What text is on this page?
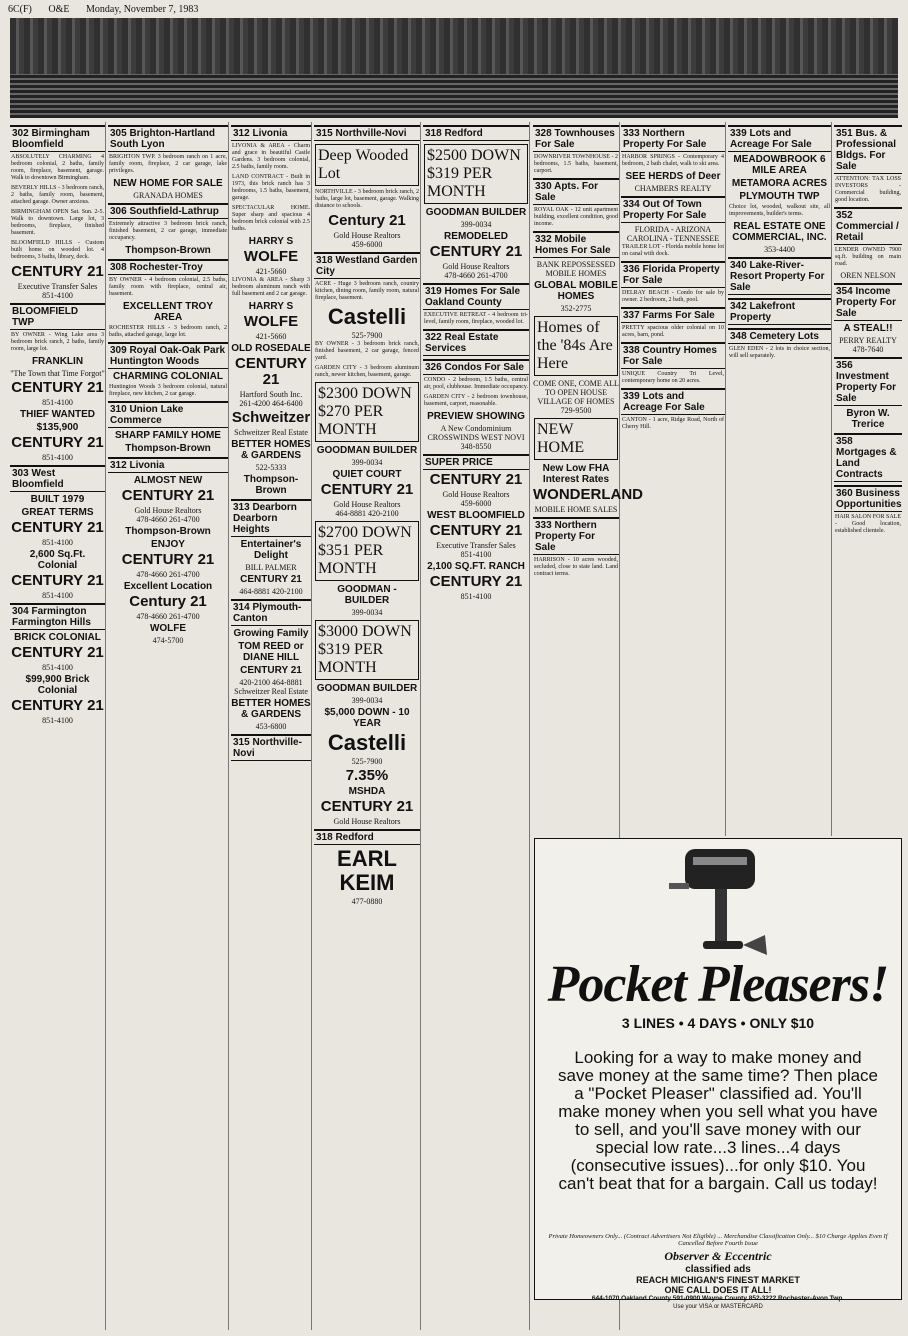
6C(F) O&E Monday, November 7, 1983
302 Birmingham Bloomfield
ABSOLUTELY CHARMING 4 bedroom colonial, 2 baths, family room, fireplace, basement, garage. Walk to downtown Birmingham.
BEVERLY HILLS - 3 bedroom ranch, 2 baths, family room, basement, attached garage. Owner anxious.
BIRMINGHAM OPEN Sat. Sun. 2-5. Walk to downtown. Large lot, 3 bedrooms, fireplace, finished basement.
BLOOMFIELD HILLS - Custom built home on wooded lot. 4 bedrooms, 3 baths, library, deck.
CENTURY 21
Executive Transfer Sales
851-4100
BLOOMFIELD TWP
BY OWNER - Wing Lake area 3 bedroom brick ranch, 2 baths, family room, large lot.
FRANKLIN
"The Town that Time Forgot"
CENTURY 21
851-4100
THIEF WANTED
$135,900
CENTURY 21
851-4100
303 West Bloomfield
BUILT 1979
GREAT TERMS
CENTURY 21
851-4100
2,600 Sq.Ft. Colonial
CENTURY 21
851-4100
304 Farmington Farmington Hills
BRICK COLONIAL
CENTURY 21
851-4100
$99,900 Brick Colonial
CENTURY 21
851-4100
305 Brighton-Hartland South Lyon
BRIGHTON TWP. 3 bedroom ranch on 1 acre, family room, fireplace, 2 car garage, lake privileges.
NEW HOME FOR SALE
GRANADA HOMES
306 Southfield-Lathrup
Extremely attractive 3 bedroom brick ranch, finished basement, 2 car garage, immediate occupancy.
Thompson-Brown
308 Rochester-Troy
BY OWNER - 4 bedroom colonial, 2.5 baths, family room with fireplace, central air, basement.
EXCELLENT TROY AREA
ROCHESTER HILLS - 3 bedroom ranch, 2 baths, attached garage, large lot.
309 Royal Oak-Oak Park Huntington Woods
CHARMING COLONIAL
Huntington Woods 3 bedroom colonial, natural fireplace, new kitchen, 2 car garage.
310 Union Lake Commerce
SHARP FAMILY HOME
Thompson-Brown
312 Livonia
ALMOST NEW
CENTURY 21
Gold House Realtors
478-4660 261-4700
Thompson-Brown
ENJOY
CENTURY 21
478-4660 261-4700
Excellent Location
Century 21
478-4660 261-4700
WOLFE
474-5700
312 Livonia
LIVONIA & AREA - Charm and grace in beautiful Castle Gardens. 3 bedroom colonial, 2.5 baths, family room.
LAND CONTRACT - Built in 1973, this brick ranch has 3 bedrooms, 1.5 baths, basement, garage.
SPECTACULAR HOME. Super sharp and spacious 4 bedroom brick colonial with 2.5 baths.
HARRY S
WOLFE
421-5660
LIVONIA & AREA - Sharp 3 bedroom aluminum ranch with full basement and 2 car garage.
HARRY S
WOLFE
421-5660
OLD ROSEDALE
CENTURY 21
Hartford South Inc.
261-4200 464-6400
Schweitzer
Schweitzer Real Estate
BETTER HOMES & GARDENS
522-5333
Thompson-Brown
313 Dearborn Dearborn Heights
Entertainer's Delight
BILL PALMER
CENTURY 21
464-8881 420-2100
314 Plymouth-Canton
Growing Family
TOM REED or DIANE HILL
CENTURY 21
420-2100 464-8881
Schweitzer Real Estate
BETTER HOMES & GARDENS
453-6800
315 Northville-Novi
315 Northville-Novi
Deep Wooded Lot
NORTHVILLE - 3 bedroom brick ranch, 2 baths, large lot, basement, garage. Walking distance to schools.
Century 21
Gold House Realtors
459-6000
318 Westland Garden City
ACRE - Huge 3 bedroom ranch, country kitchen, dining room, family room, natural fireplace, basement.
Castelli
525-7900
BY OWNER - 3 bedroom brick ranch, finished basement, 2 car garage, fenced yard.
GARDEN CITY - 3 bedroom aluminum ranch, newer kitchen, basement, garage.
$2300 DOWN $270 PER MONTH
GOODMAN BUILDER
399-0034
QUIET COURT
CENTURY 21
Gold House Realtors
464-8881 420-2100
$2700 DOWN $351 PER MONTH
GOODMAN - BUILDER
399-0034
$3000 DOWN $319 PER MONTH
GOODMAN BUILDER
399-0034
$5,000 DOWN - 10 YEAR
Castelli
525-7900
7.35%
MSHDA
CENTURY 21
Gold House Realtors
318 Redford
EARL KEIM
477-0880
318 Redford
$2500 DOWN $319 PER MONTH
GOODMAN BUILDER
399-0034
REMODELED
CENTURY 21
Gold House Realtors
478-4660 261-4700
319 Homes For Sale Oakland County
EXECUTIVE RETREAT - 4 bedroom tri-level, family room, fireplace, wooded lot.
322 Real Estate Services
326 Condos For Sale
CONDO - 2 bedroom, 1.5 baths, central air, pool, clubhouse. Immediate occupancy.
GARDEN CITY - 2 bedroom townhouse, basement, carport, reasonable.
PREVIEW SHOWING
A New Condominium CROSSWINDS WEST NOVI
348-8550
SUPER PRICE
CENTURY 21
Gold House Realtors
459-6000
WEST BLOOMFIELD
CENTURY 21
Executive Transfer Sales
851-4100
2,100 SQ.FT. RANCH
CENTURY 21
851-4100
328 Townhouses For Sale
DOWNRIVER TOWNHOUSE - 2 bedrooms, 1.5 baths, basement, carport.
330 Apts. For Sale
ROYAL OAK - 12 unit apartment building, excellent condition, good income.
332 Mobile Homes For Sale
BANK REPOSSESSED MOBILE HOMES
GLOBAL MOBILE HOMES
352-2775
Homes of the '84s Are Here
COME ONE, COME ALL TO OPEN HOUSE
VILLAGE OF HOMES
729-9500
NEW HOME
New Low FHA Interest Rates
WONDERLAND
MOBILE HOME SALES
333 Northern Property For Sale
HARRISON - 10 acres wooded, secluded, close to state land. Land contract terms.
333 Northern Property For Sale
HARBOR SPRINGS - Contemporary 4 bedroom, 2 bath chalet, walk to ski area.
SEE HERDS of Deer
CHAMBERS REALTY
334 Out Of Town Property For Sale
FLORIDA - ARIZONA CAROLINA - TENNESSEE
TRAILER LOT - Florida mobile home lot on canal with dock.
336 Florida Property For Sale
DELRAY BEACH - Condo for sale by owner. 2 bedroom, 2 bath, pool.
337 Farms For Sale
PRETTY spacious older colonial on 10 acres, barn, pond.
338 Country Homes For Sale
UNIQUE Country Tri Level, contemporary home on 20 acres.
339 Lots and Acreage For Sale
CANTON - 1 acre, Ridge Road, North of Cherry Hill.
339 Lots and Acreage For Sale
MEADOWBROOK 6 MILE AREA
METAMORA ACRES
PLYMOUTH TWP
Choice lot, wooded, walkout site, all improvements, builder's terms.
REAL ESTATE ONE COMMERCIAL, INC.
353-4400
340 Lake-River-Resort Property For Sale
342 Lakefront Property
348 Cemetery Lots
GLEN EDEN - 2 lots in choice section, will sell separately.
351 Bus. & Professional Bldgs. For Sale
ATTENTION: TAX LOSS INVESTORS - Commercial building, good location.
352 Commercial / Retail
LENDER OWNED 7900 sq.ft. building on main road.
OREN NELSON
354 Income Property For Sale
A STEAL!!
PERRY REALTY
478-7640
356 Investment Property For Sale
Byron W. Trerice
358 Mortgages & Land Contracts
360 Business Opportunities
HAIR SALON FOR SALE - Good location, established clientele.
Pocket Pleasers!
3 LINES • 4 DAYS • ONLY $10
Looking for a way to make money and save money at the same time? Then place a "Pocket Pleaser" classified ad. You'll make money when you sell what you have to sell, and you'll save money with our special low rate...3 lines...4 days (consecutive issues)...for only $10. You can't beat that for a bargain. Call us today!
Private Homeowners Only... (Contract Advertisers Not Eligible) ... Merchandise Classification Only... $10 Charge Applies Even If Cancelled Before Fourth Issue
Observer & Eccentric
classified ads
REACH MICHIGAN'S FINEST MARKET
ONE CALL DOES IT ALL!
644-1070 Oakland County 591-0900 Wayne County 852-3222 Rochester-Avon Twp.
Use your VISA or MASTERCARD
